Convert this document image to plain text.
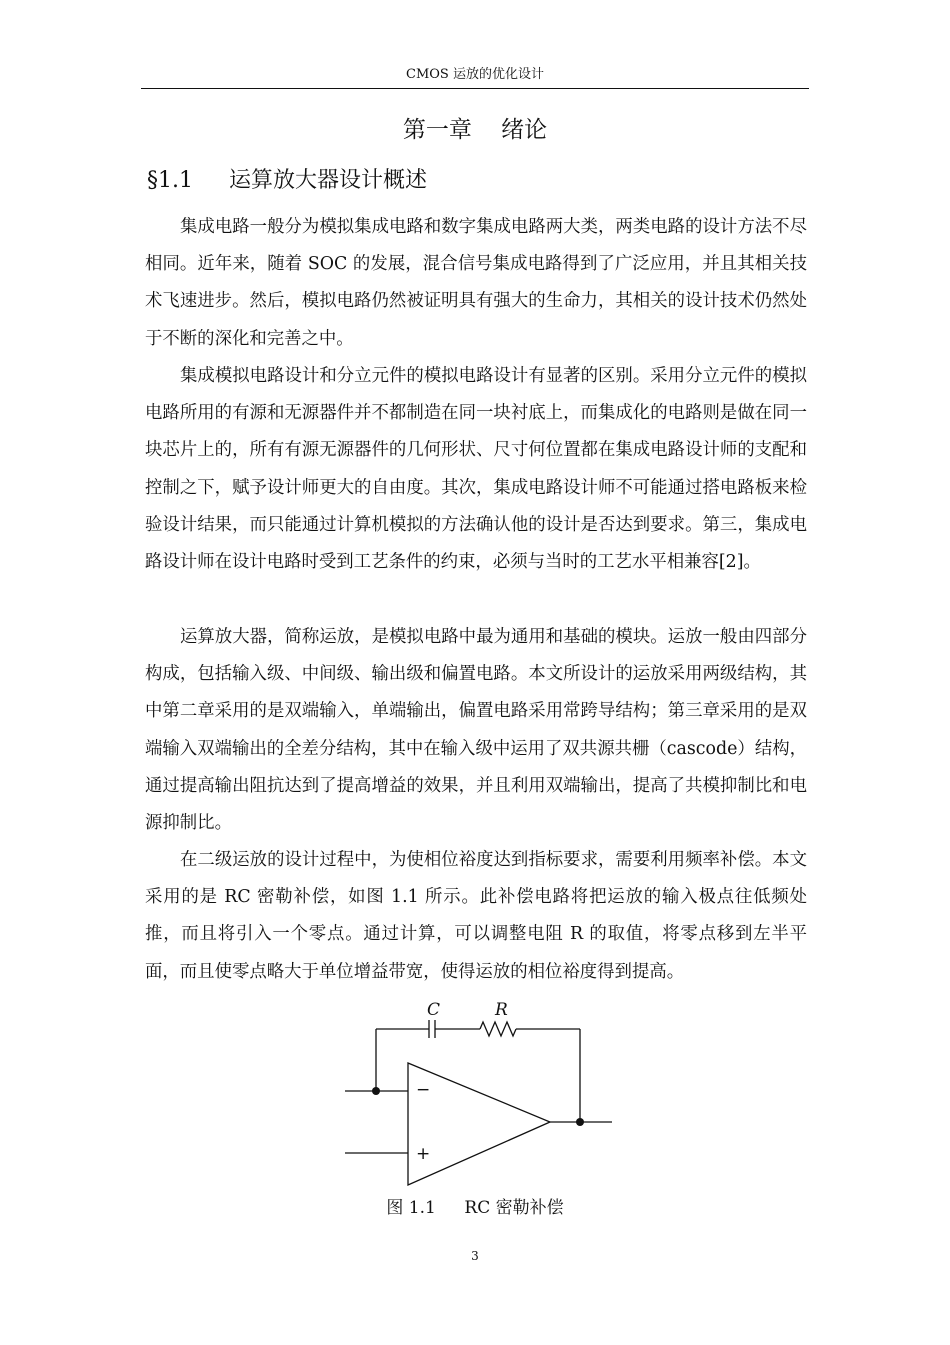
CMOS 运放的优化设计
第一章    绪论
§1.1 运算放大器设计概述

集成电路一般分为模拟集成电路和数字集成电路两大类，两类电路的设计方法不尽相同。近年来，随着 SOC 的发展，混合信号集成电路得到了广泛应用，并且其相关技术飞速进步。然后，模拟电路仍然被证明具有强大的生命力，其相关的设计技术仍然处于不断的深化和完善之中。

集成模拟电路设计和分立元件的模拟电路设计有显著的区别。采用分立元件的模拟电路所用的有源和无源器件并不都制造在同一块衬底上，而集成化的电路则是做在同一块芯片上的，所有有源无源器件的几何形状、尺寸何位置都在集成电路设计师的支配和控制之下，赋予设计师更大的自由度。其次，集成电路设计师不可能通过搭电路板来检验设计结果，而只能通过计算机模拟的方法确认他的设计是否达到要求。第三，集成电路设计师在设计电路时受到工艺条件的约束，必须与当时的工艺水平相兼容[2]。

运算放大器，简称运放，是模拟电路中最为通用和基础的模块。运放一般由四部分构成，包括输入级、中间级、输出级和偏置电路。本文所设计的运放采用两级结构，其中第二章采用的是双端输入，单端输出，偏置电路采用常跨导结构；第三章采用的是双端输入双端输出的全差分结构，其中在输入级中运用了双共源共栅（cascode）结构，通过提高输出阻抗达到了提高增益的效果，并且利用双端输出，提高了共模抑制比和电源抑制比。

在二级运放的设计过程中，为使相位裕度达到指标要求，需要利用频率补偿。本文采用的是 RC 密勒补偿，如图 1.1 所示。此补偿电路将把运放的输入极点往低频处推，而且将引入一个零点。通过计算，可以调整电阻 R 的取值，将零点移到左半平面，而且使零点略大于单位增益带宽，使得运放的相位裕度得到提高。

C	R
−
+
图 1.1 RC 密勒补偿
3
